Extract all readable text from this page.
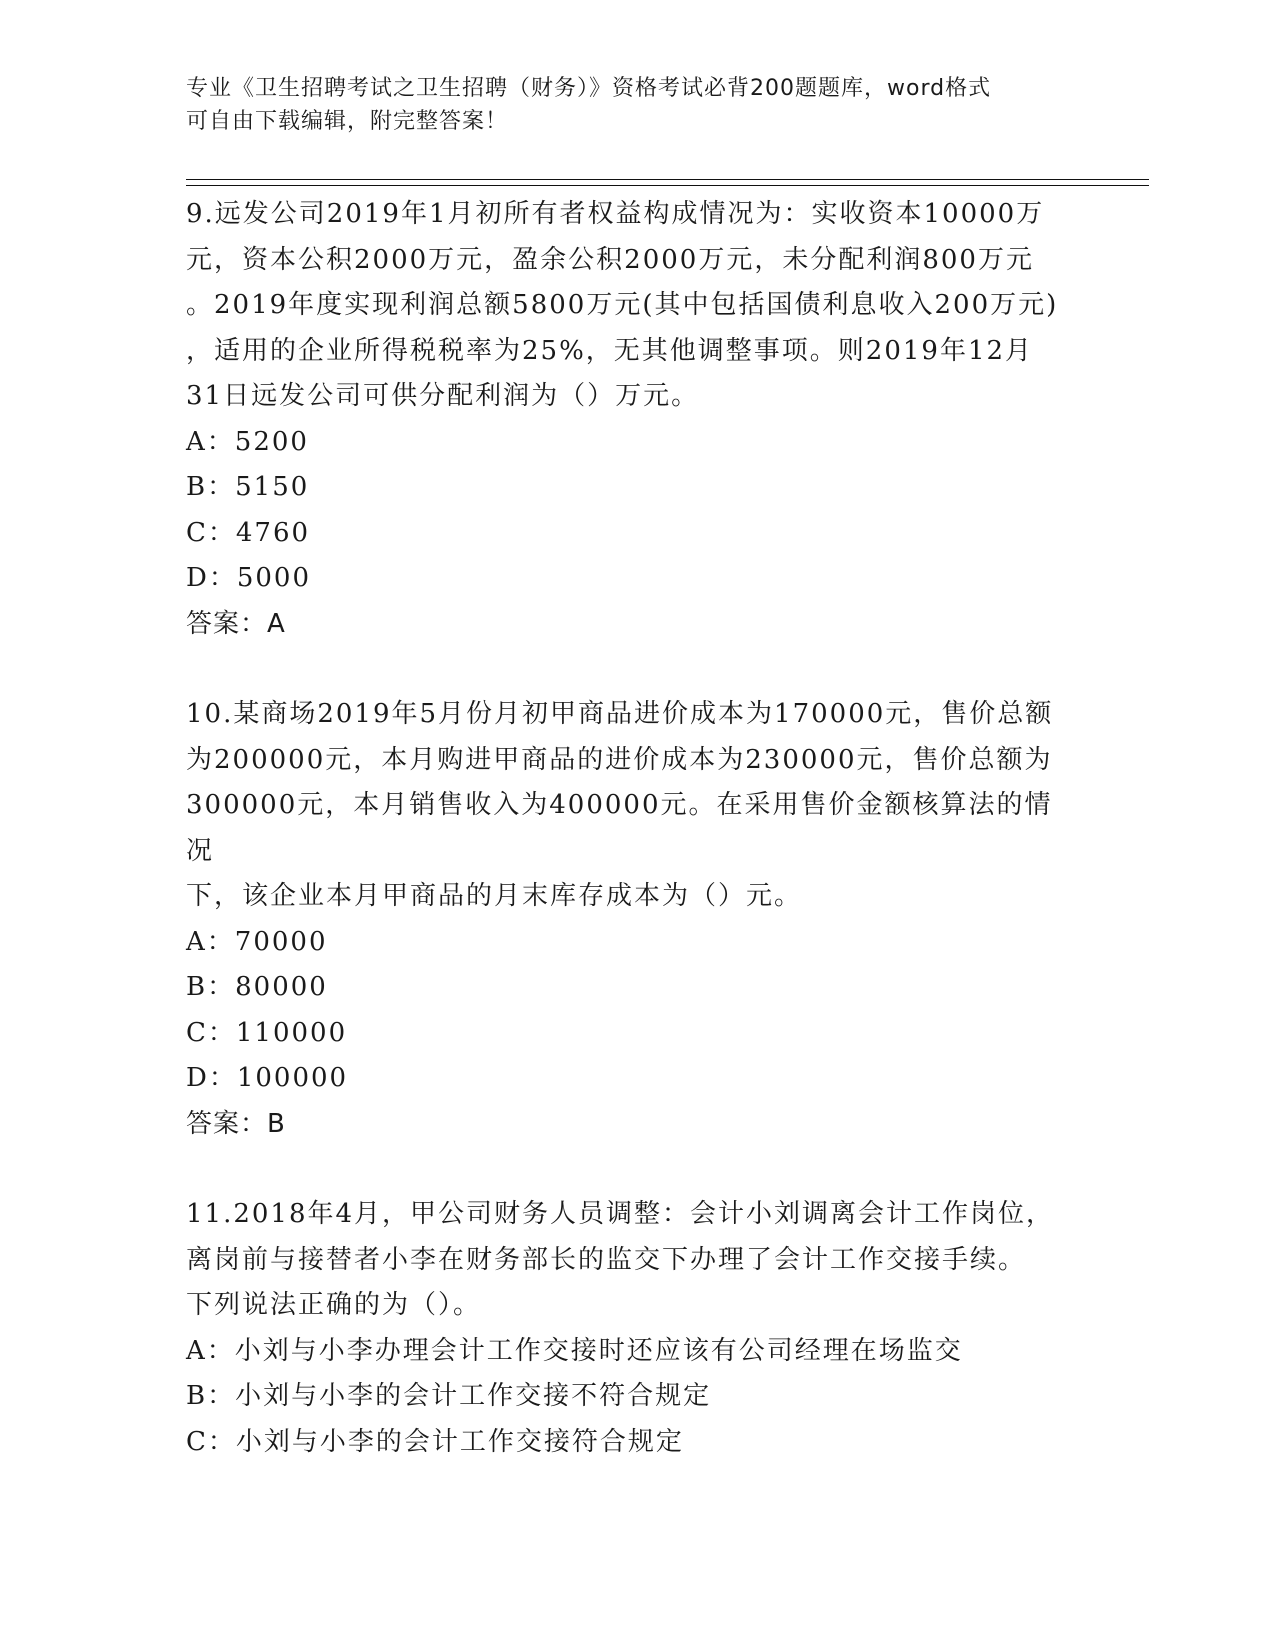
专业《卫生招聘考试之卫生招聘（财务）》资格考试必背200题题库，word格式
可自由下载编辑，附完整答案！
9.远发公司2019年1月初所有者权益构成情况为：实收资本10000万
元，资本公积2000万元，盈余公积2000万元，未分配利润800万元
。2019年度实现利润总额5800万元(其中包括国债利息收入200万元)
，适用的企业所得税税率为25%，无其他调整事项。则2019年12月
31日远发公司可供分配利润为（）万元。
A：5200
B：5150
C：4760
D：5000
答案：A
10.某商场2019年5月份月初甲商品进价成本为170000元，售价总额
为200000元，本月购进甲商品的进价成本为230000元，售价总额为
300000元，本月销售收入为400000元。在采用售价金额核算法的情况
下，该企业本月甲商品的月末库存成本为（）元。
A：70000
B：80000
C：110000
D：100000
答案：B
11.2018年4月，甲公司财务人员调整：会计小刘调离会计工作岗位，
离岗前与接替者小李在财务部长的监交下办理了会计工作交接手续。
下列说法正确的为（）。
A：小刘与小李办理会计工作交接时还应该有公司经理在场监交
B：小刘与小李的会计工作交接不符合规定
C：小刘与小李的会计工作交接符合规定
